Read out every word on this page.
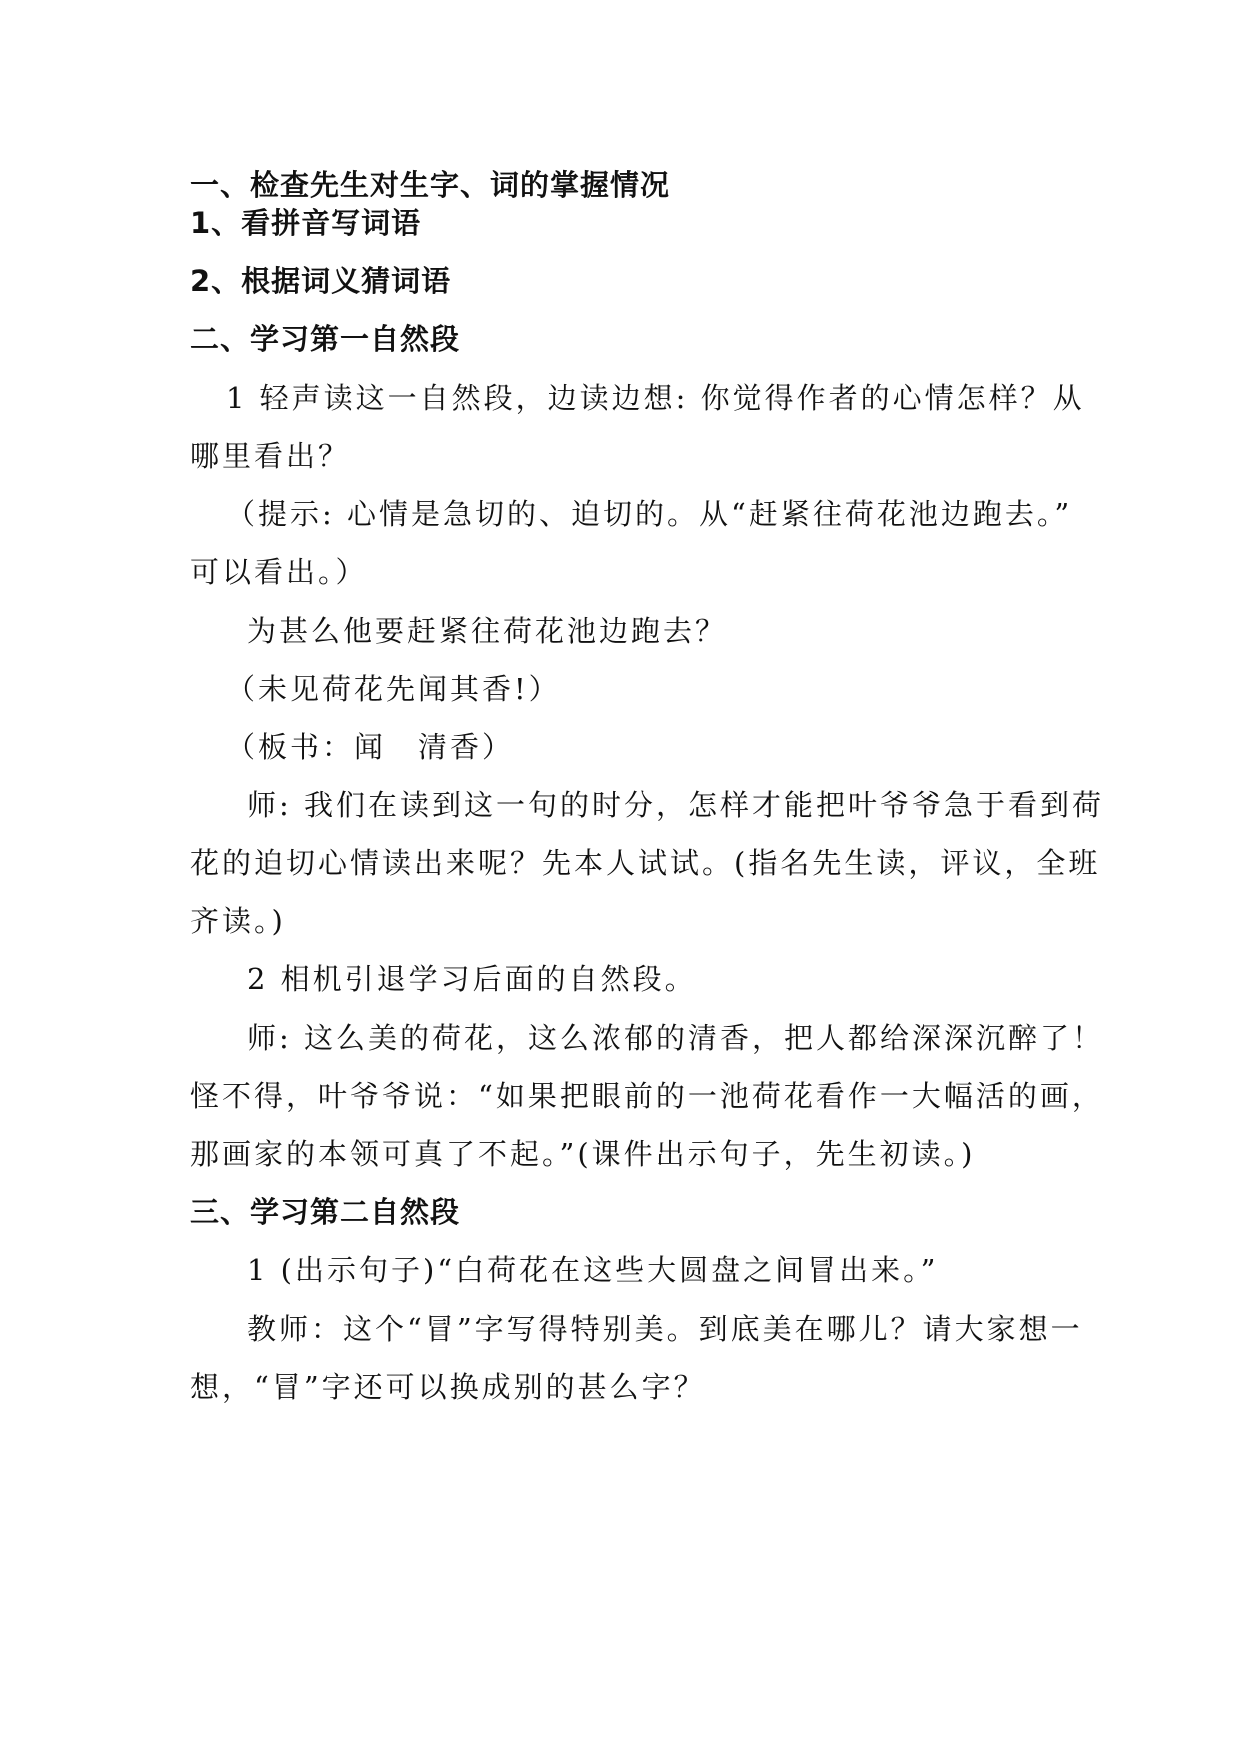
一、检查先生对生字、词的掌握情况
1、看拼音写词语
2、根据词义猜词语
二、学习第一自然段
1 轻声读这一自然段，边读边想: 你觉得作者的心情怎样？从
哪里看出？
（提示: 心情是急切的、迫切的。从“赶紧往荷花池边跑去。”
可以看出。）
为甚么他要赶紧往荷花池边跑去？
（未见荷花先闻其香!）
（板书：闻　清香）
师: 我们在读到这一句的时分，怎样才能把叶爷爷急于看到荷
花的迫切心情读出来呢？先本人试试。(指名先生读，评议，全班
齐读。)
2 相机引退学习后面的自然段。
师: 这么美的荷花，这么浓郁的清香，把人都给深深沉醉了！
怪不得，叶爷爷说：“如果把眼前的一池荷花看作一大幅活的画，
那画家的本领可真了不起。”(课件出示句子，先生初读。)
三、学习第二自然段
1 (出示句子)“白荷花在这些大圆盘之间冒出来。”
教师：这个“冒”字写得特别美。到底美在哪儿？请大家想一
想，“冒”字还可以换成别的甚么字？
